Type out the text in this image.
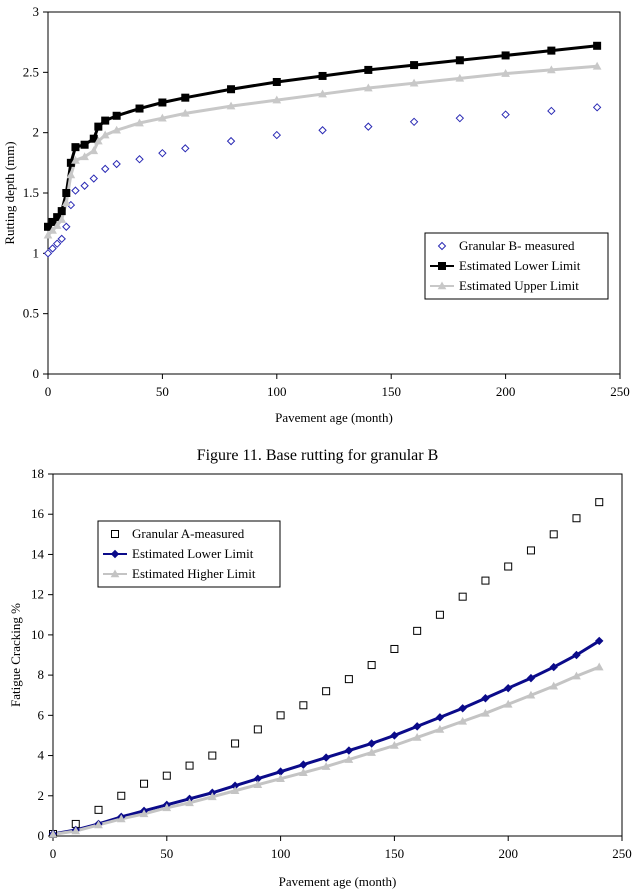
0
0.5
1
1.5
2
2.5
3
0	50	100	150	200	250
Pavement age (month)
Rutting depth (mm)
Granular B- measured
Estimated Lower Limit
Estimated Upper Limit
Figure 11. Base rutting for granular B
0
2
4
6
8
10
12
14
16
18
0	50	100	150	200	250
Pavement age (month)
Fatigue Cracking %
Granular A-measured
Estimated Lower Limit
Estimated Higher Limit
